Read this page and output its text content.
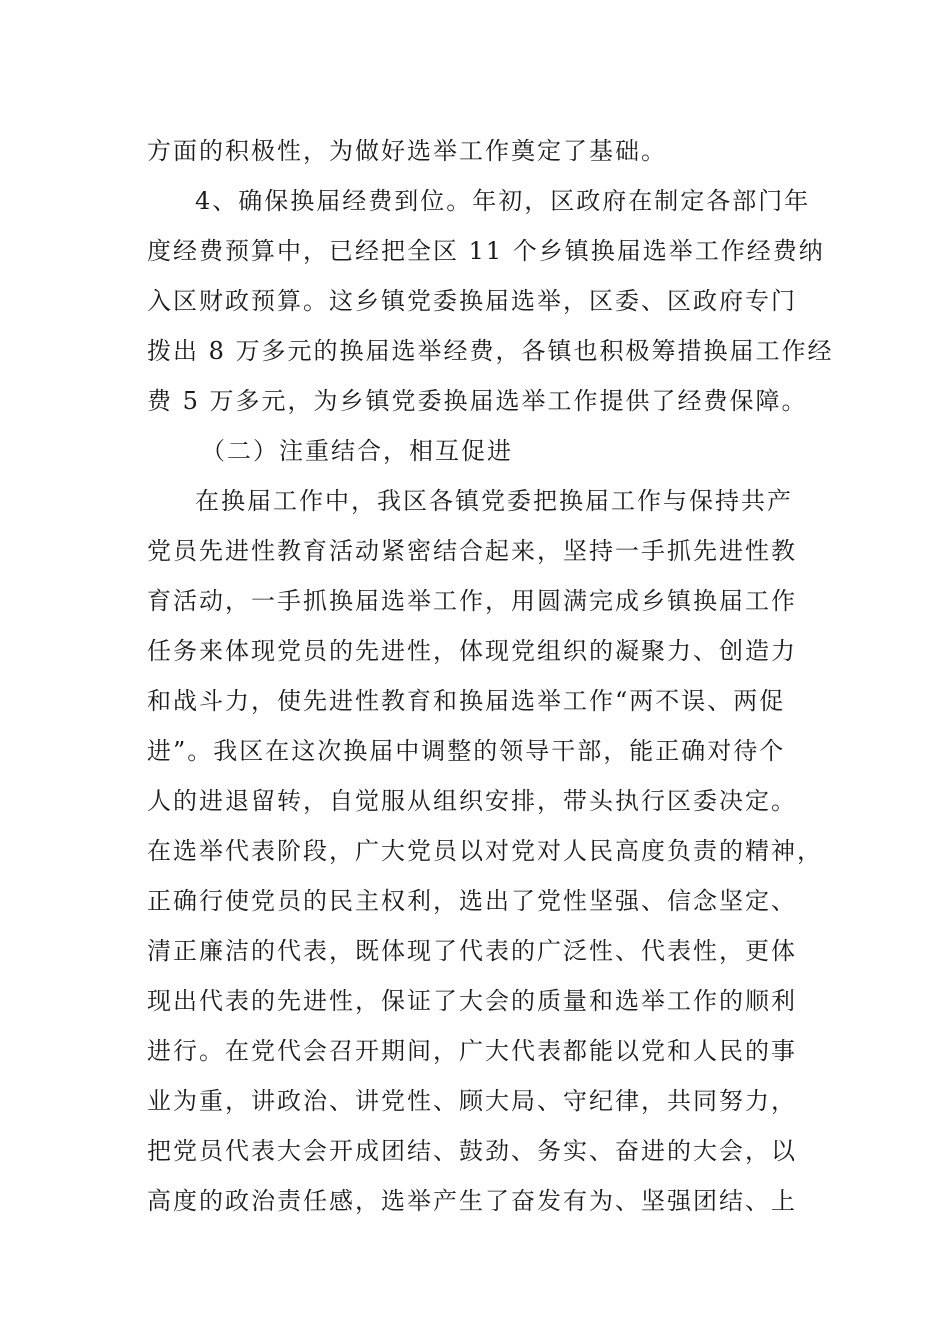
方面的积极性，为做好选举工作奠定了基础。
4、确保换届经费到位。年初，区政府在制定各部门年
度经费预算中，已经把全区 11 个乡镇换届选举工作经费纳
入区财政预算。这乡镇党委换届选举，区委、区政府专门
拨出 8 万多元的换届选举经费，各镇也积极筹措换届工作经
费 5 万多元，为乡镇党委换届选举工作提供了经费保障。
（二）注重结合，相互促进
在换届工作中，我区各镇党委把换届工作与保持共产
党员先进性教育活动紧密结合起来，坚持一手抓先进性教
育活动，一手抓换届选举工作，用圆满完成乡镇换届工作
任务来体现党员的先进性，体现党组织的凝聚力、创造力
和战斗力，使先进性教育和换届选举工作“两不误、两促
进”。我区在这次换届中调整的领导干部，能正确对待个
人的进退留转，自觉服从组织安排，带头执行区委决定。
在选举代表阶段，广大党员以对党对人民高度负责的精神，
正确行使党员的民主权利，选出了党性坚强、信念坚定、
清正廉洁的代表，既体现了代表的广泛性、代表性，更体
现出代表的先进性，保证了大会的质量和选举工作的顺利
进行。在党代会召开期间，广大代表都能以党和人民的事
业为重，讲政治、讲党性、顾大局、守纪律，共同努力，
把党员代表大会开成团结、鼓劲、务实、奋进的大会，以
高度的政治责任感，选举产生了奋发有为、坚强团结、上
